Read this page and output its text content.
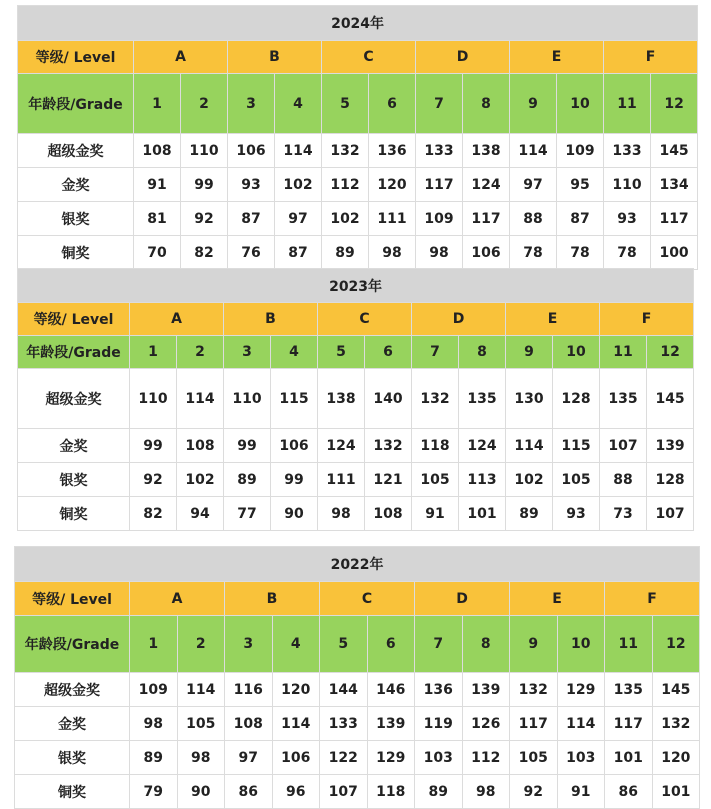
2024年												
等级/ Level	A		B		C		D		E		F	
年龄段/Grade	1	2	3	4	5	6	7	8	9	10	11	12
超级金奖	108	110	106	114	132	136	133	138	114	109	133	145
金奖	91	99	93	102	112	120	117	124	97	95	110	134
银奖	81	92	87	97	102	111	109	117	88	87	93	117
铜奖	70	82	76	87	89	98	98	106	78	78	78	100
2023年												
等级/ Level	A		B		C		D		E		F	
年龄段/Grade	1	2	3	4	5	6	7	8	9	10	11	12
超级金奖	110	114	110	115	138	140	132	135	130	128	135	145
金奖	99	108	99	106	124	132	118	124	114	115	107	139
银奖	92	102	89	99	111	121	105	113	102	105	88	128
铜奖	82	94	77	90	98	108	91	101	89	93	73	107
2022年												
等级/ Level	A		B		C		D		E		F	
年龄段/Grade	1	2	3	4	5	6	7	8	9	10	11	12
超级金奖	109	114	116	120	144	146	136	139	132	129	135	145
金奖	98	105	108	114	133	139	119	126	117	114	117	132
银奖	89	98	97	106	122	129	103	112	105	103	101	120
铜奖	79	90	86	96	107	118	89	98	92	91	86	101
